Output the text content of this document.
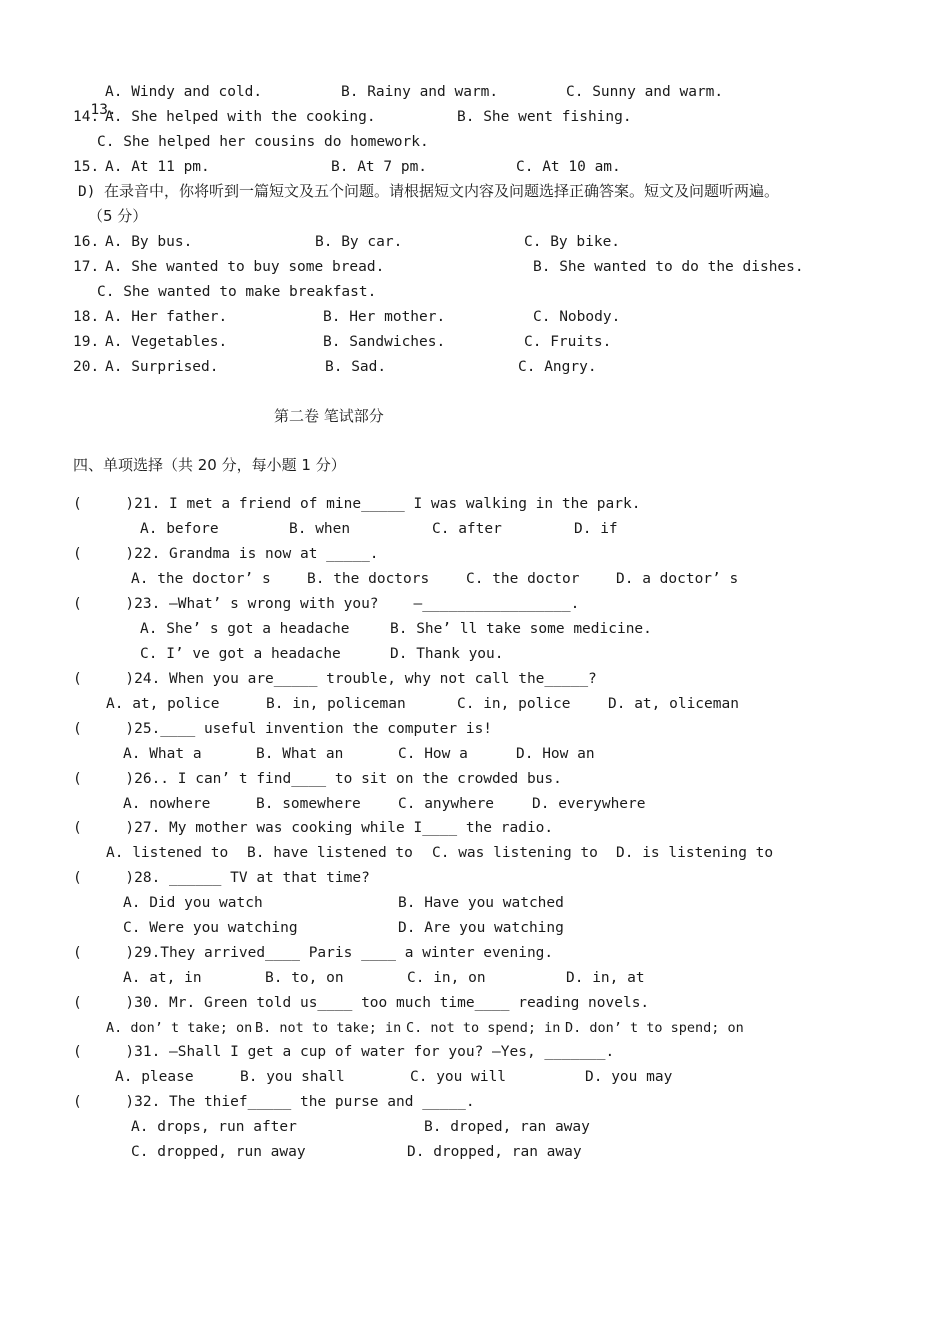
13.

A. Windy and cold.	B. Rainy and warm.	C. Sunny and warm.
14. A. She helped with the cooking.	B. She went fishing.
C. She helped her cousins do homework.
15. A. At 11 pm.	B. At 7 pm.	C. At 10 am.
D) 在录音中，你将听到一篇短文及五个问题。请根据短文内容及问题选择正确答案。短文及问题听两遍。
（5 分）
16. A. By bus.	B. By car.	C. By bike.
17. A. She wanted to buy some bread.	B. She wanted to do the dishes.
C. She wanted to make breakfast.
18. A. Her father.	B. Her mother.	C. Nobody.
19. A. Vegetables.	B. Sandwiches.	C. Fruits.
20. A. Surprised.	B. Sad.	C. Angry.
第二卷 笔试部分
四、单项选择（共 20 分，每小题 1 分）
(     )21. I met a friend of mine_____ I was walking in the park.
A. before	B. when	C. after	D. if
(     )22. Grandma is now at _____.
A. the doctor’ s	B. the doctors	C. the doctor	D. a doctor’ s
(     )23. —What’ s wrong with you?    —_________________.
A. She’ s got a headache	B. She’ ll take some medicine.
C. I’ ve got a headache	D. Thank you.
(     )24. When you are_____ trouble, why not call the_____?
A. at, police	B. in, policeman	C. in, police	D. at, oliceman
(     )25.____ useful invention the computer is!
A. What a	B. What an	C. How a	D. How an
(     )26.. I can’ t find____ to sit on the crowded bus.
A. nowhere	B. somewhere	C. anywhere	D. everywhere
(     )27. My mother was cooking while I____ the radio.
A. listened to B. have listened to C. was listening to D. is listening to
(     )28. ______ TV at that time?
A. Did you watch	B. Have you watched
C. Were you watching	D. Are you watching
(     )29.They arrived____ Paris ____ a winter evening.
A. at, in	B. to, on	C. in, on	D. in, at
(     )30. Mr. Green told us____ too much time____ reading novels.
A. don’ t take; on B. not to take; in C. not to spend; in D. don’ t to spend; on
(     )31. —Shall I get a cup of water for you? —Yes, _______.
A. please	B. you shall	C. you will	D. you may
(     )32. The thief_____ the purse and _____.
A. drops, run after	B. droped, ran away
C. dropped, run away	D. dropped, ran away
